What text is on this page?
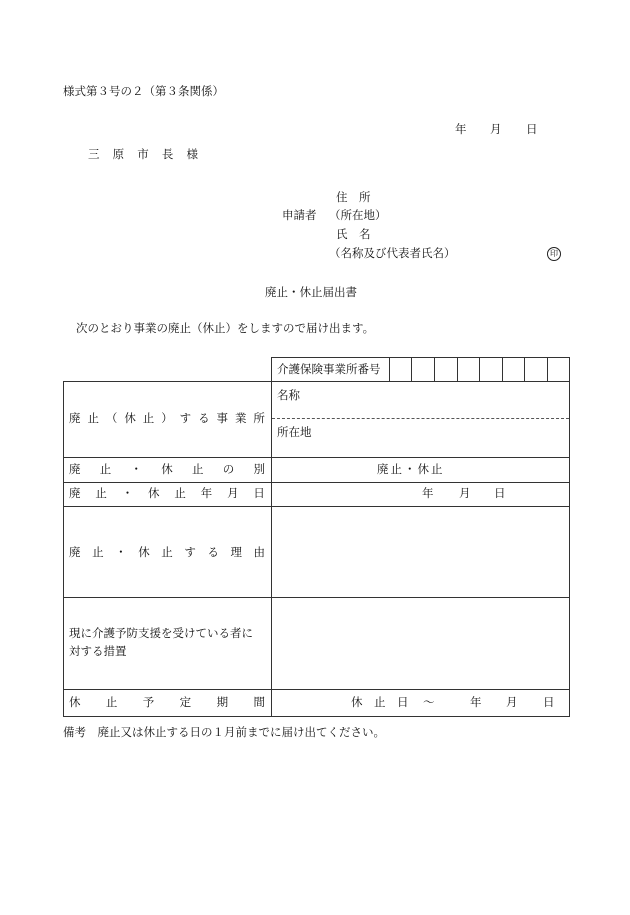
様式第３号の２（第３条関係）
年 月 日
三 原 市 長 様
住　所
申請者 （所在地）
氏　名
（名称及び代表者氏名）	印
廃止・休止届出書
次のとおり事業の廃止（休止）をしますので届け出ます。
介護保険事業所番号
廃 止 （ 休 止 ） す る 事 業 所
名称
所在地
廃 止 ・ 休 止 の 別	廃止・休止
廃 止 ・ 休 止 年 月 日	年 月 日
廃 止 ・ 休 止 す る 理 由
現に介護予防支援を受けている者に
対する措置
休 止 予 定 期 間	休　止　日 〜	年 月 日
備考　廃止又は休止する日の１月前までに届け出てください。
